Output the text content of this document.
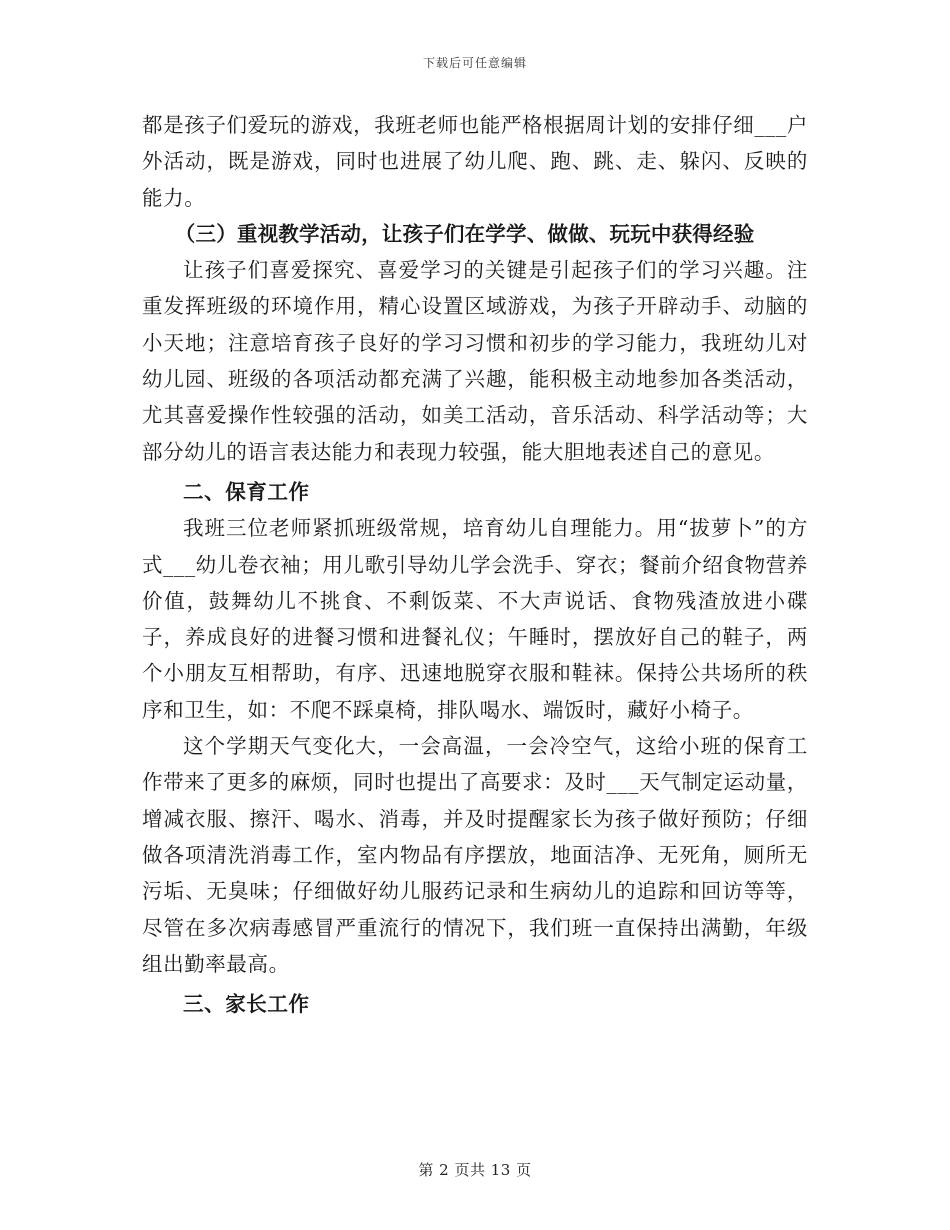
下载后可任意编辑

都是孩子们爱玩的游戏，我班老师也能严格根据周计划的安排仔细___户外活动，既是游戏，同时也进展了幼儿爬、跑、跳、走、躲闪、反映的能力。

（三）重视教学活动，让孩子们在学学、做做、玩玩中获得经验

让孩子们喜爱探究、喜爱学习的关键是引起孩子们的学习兴趣。注重发挥班级的环境作用，精心设置区域游戏，为孩子开辟动手、动脑的小天地；注意培育孩子良好的学习习惯和初步的学习能力，我班幼儿对幼儿园、班级的各项活动都充满了兴趣，能积极主动地参加各类活动，尤其喜爱操作性较强的活动，如美工活动，音乐活动、科学活动等；大部分幼儿的语言表达能力和表现力较强，能大胆地表述自己的意见。

二、保育工作

我班三位老师紧抓班级常规，培育幼儿自理能力。用“拔萝卜”的方式___幼儿卷衣袖；用儿歌引导幼儿学会洗手、穿衣；餐前介绍食物营养价值，鼓舞幼儿不挑食、不剩饭菜、不大声说话、食物残渣放进小碟子，养成良好的进餐习惯和进餐礼仪；午睡时，摆放好自己的鞋子，两个小朋友互相帮助，有序、迅速地脱穿衣服和鞋袜。保持公共场所的秩序和卫生，如：不爬不踩桌椅，排队喝水、端饭时，藏好小椅子。

这个学期天气变化大，一会高温，一会冷空气，这给小班的保育工作带来了更多的麻烦，同时也提出了高要求：及时___天气制定运动量，增减衣服、擦汗、喝水、消毒，并及时提醒家长为孩子做好预防；仔细做各项清洗消毒工作，室内物品有序摆放，地面洁净、无死角，厕所无污垢、无臭味；仔细做好幼儿服药记录和生病幼儿的追踪和回访等等，尽管在多次病毒感冒严重流行的情况下，我们班一直保持出满勤，年级组出勤率最高。

三、家长工作

第 2 页共 13 页
